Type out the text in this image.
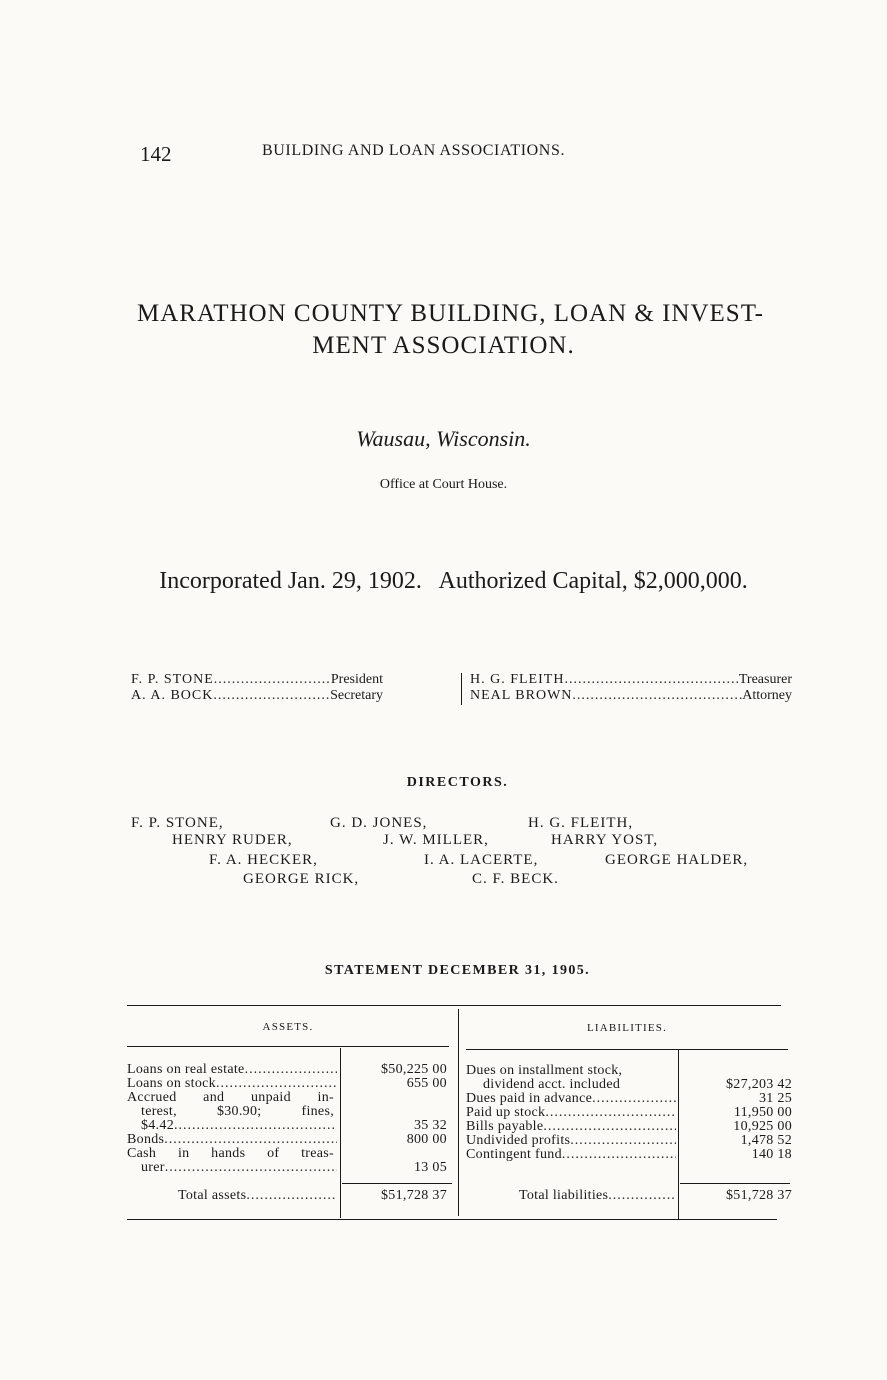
142	BUILDING AND LOAN ASSOCIATIONS.
MARATHON COUNTY BUILDING, LOAN & INVEST-
MENT ASSOCIATION.
Wausau, Wisconsin.
Office at Court House.
Incorporated Jan. 29, 1902.   Authorized Capital, $2,000,000.
F. P. STONE .....	President	H. G. FLEITH .....	Treasurer
A. A. BOCK .....	Secretary	NEAL BROWN .....	Attorney
DIRECTORS.
F. P. STONE,	G. D. JONES,	H. G. FLEITH,
HENRY RUDER,	J. W. MILLER,	HARRY YOST,
F. A. HECKER,	I. A. LACERTE,	GEORGE HALDER,
GEORGE RICK,	C. F. BECK.
STATEMENT DECEMBER 31, 1905.
ASSETS.	LIABILITIES.
Loans on real estate .....	$50,225 00
Loans on stock .....	655 00
Accrued and unpaid in-
terest, $30.90; fines,
$4.42 .....	35 32
Bonds .....	800 00
Cash in hands of treas-
urer .....	13 05
Total assets .....	$51,728 37
Dues on installment stock,
dividend acct. included	$27,203 42
Dues paid in advance .....	31 25
Paid up stock .....	11,950 00
Bills payable .....	10,925 00
Undivided profits .....	1,478 52
Contingent fund .....	140 18
Total liabilities .....	$51,728 37
